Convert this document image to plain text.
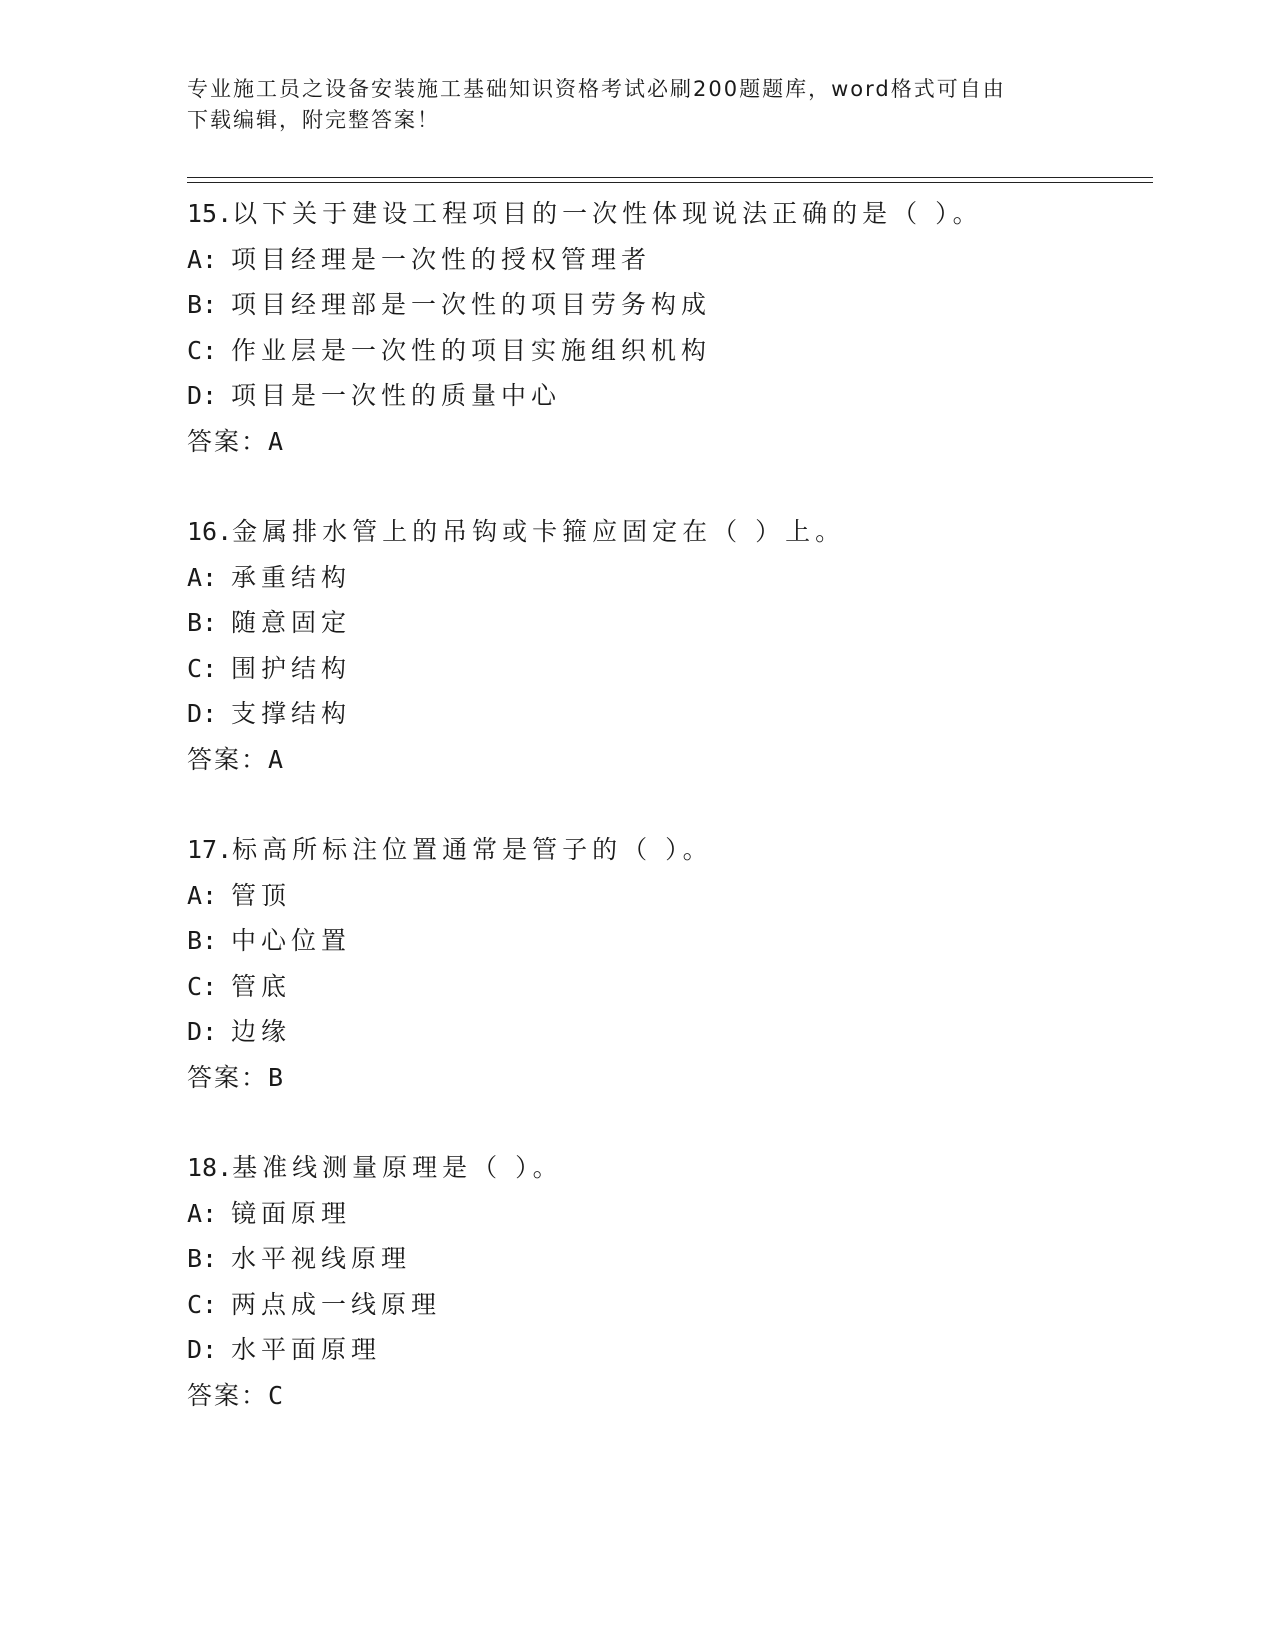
专业施工员之设备安装施工基础知识资格考试必刷200题题库，word格式可自由
下载编辑，附完整答案！
15.以下关于建设工程项目的一次性体现说法正确的是（ ）。
A: 项目经理是一次性的授权管理者
B: 项目经理部是一次性的项目劳务构成
C: 作业层是一次性的项目实施组织机构
D: 项目是一次性的质量中心
答案：A
16.金属排水管上的吊钩或卡箍应固定在（ ）上。
A: 承重结构
B: 随意固定
C: 围护结构
D: 支撑结构
答案：A
17.标高所标注位置通常是管子的（ ）。
A: 管顶
B: 中心位置
C: 管底
D: 边缘
答案：B
18.基准线测量原理是（ ）。
A: 镜面原理
B: 水平视线原理
C: 两点成一线原理
D: 水平面原理
答案：C
